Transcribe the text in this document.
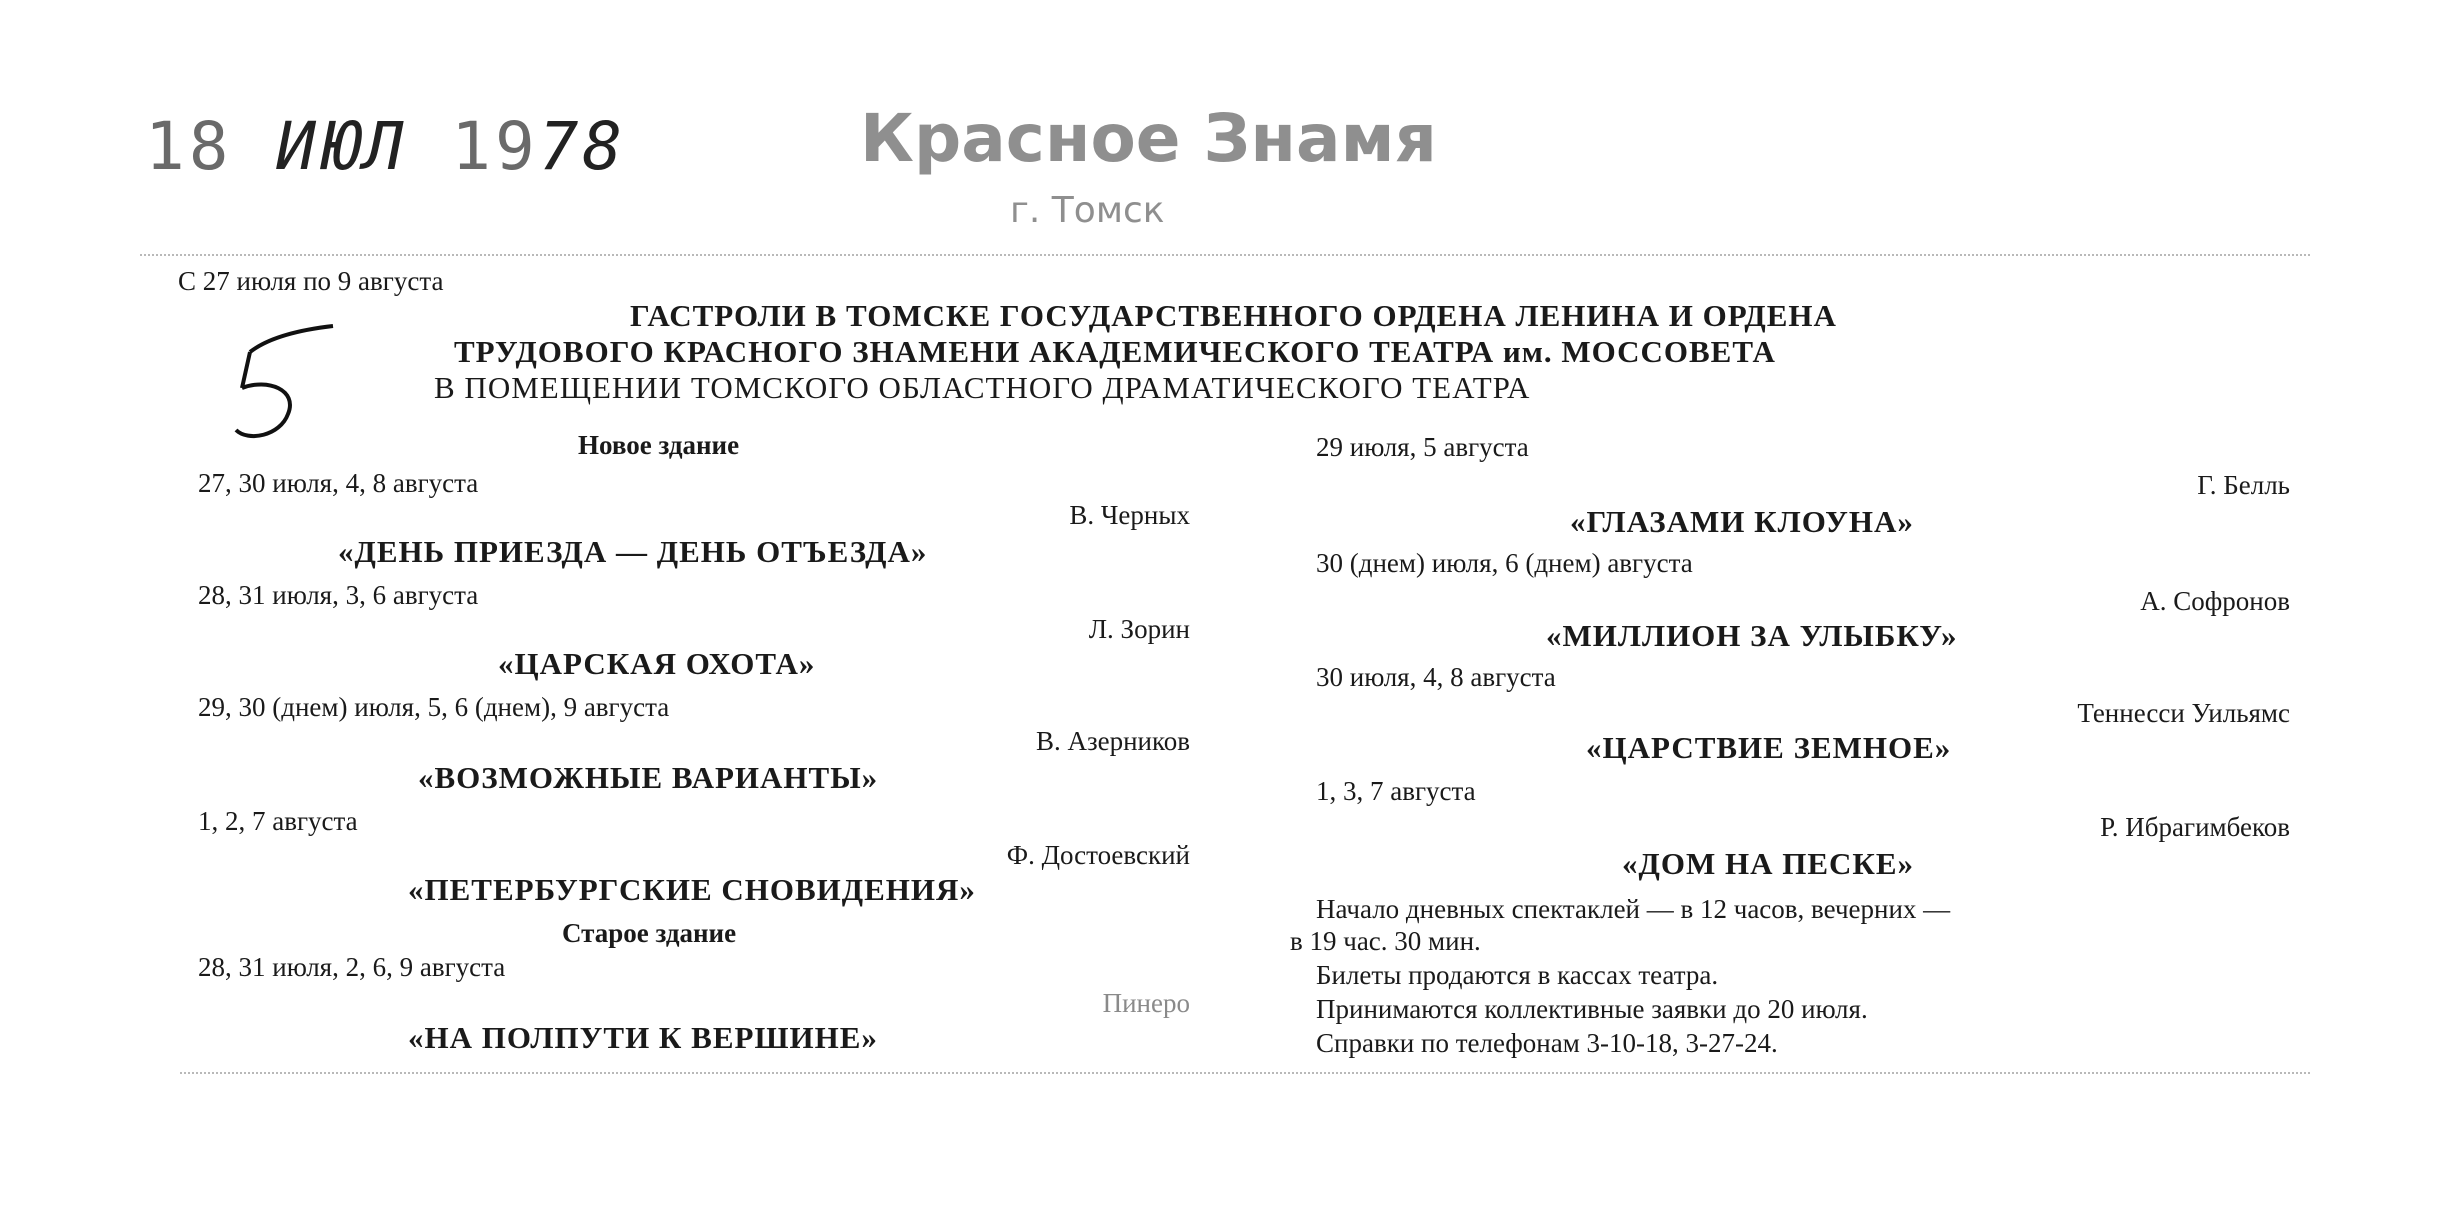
18 ИЮЛ 1978	Красное Знамя
г. Томск
5
С 27 июля по 9 августа
ГАСТРОЛИ В ТОМСКЕ ГОСУДАРСТВЕННОГО ОРДЕНА ЛЕНИНА И ОРДЕНА
ТРУДОВОГО КРАСНОГО ЗНАМЕНИ АКАДЕМИЧЕСКОГО ТЕАТРА им. МОССОВЕТА
В ПОМЕЩЕНИИ ТОМСКОГО ОБЛАСТНОГО ДРАМАТИЧЕСКОГО ТЕАТРА
Новое здание
27, 30 июля, 4, 8 августа
В. Черных
«ДЕНЬ ПРИЕЗДА — ДЕНЬ ОТЪЕЗДА»
28, 31 июля, 3, 6 августа
Л. Зорин
«ЦАРСКАЯ ОХОТА»
29, 30 (днем) июля, 5, 6 (днем), 9 августа
В. Азерников
«ВОЗМОЖНЫЕ ВАРИАНТЫ»
1, 2, 7 августа
Ф. Достоевский
«ПЕТЕРБУРГСКИЕ СНОВИДЕНИЯ»
Старое здание
28, 31 июля, 2, 6, 9 августа
Пинеро
«НА ПОЛПУТИ К ВЕРШИНЕ»
29 июля, 5 августа
Г. Белль
«ГЛАЗАМИ КЛОУНА»
30 (днем) июля, 6 (днем) августа
А. Софронов
«МИЛЛИОН ЗА УЛЫБКУ»
30 июля, 4, 8 августа
Теннесси Уильямс
«ЦАРСТВИЕ ЗЕМНОЕ»
1, 3, 7 августа
Р. Ибрагимбеков
«ДОМ НА ПЕСКЕ»
Начало дневных спектаклей — в 12 часов, вечерних —
в 19 час. 30 мин.
Билеты продаются в кассах театра.
Принимаются коллективные заявки до 20 июля.
Справки по телефонам 3-10-18, 3-27-24.
